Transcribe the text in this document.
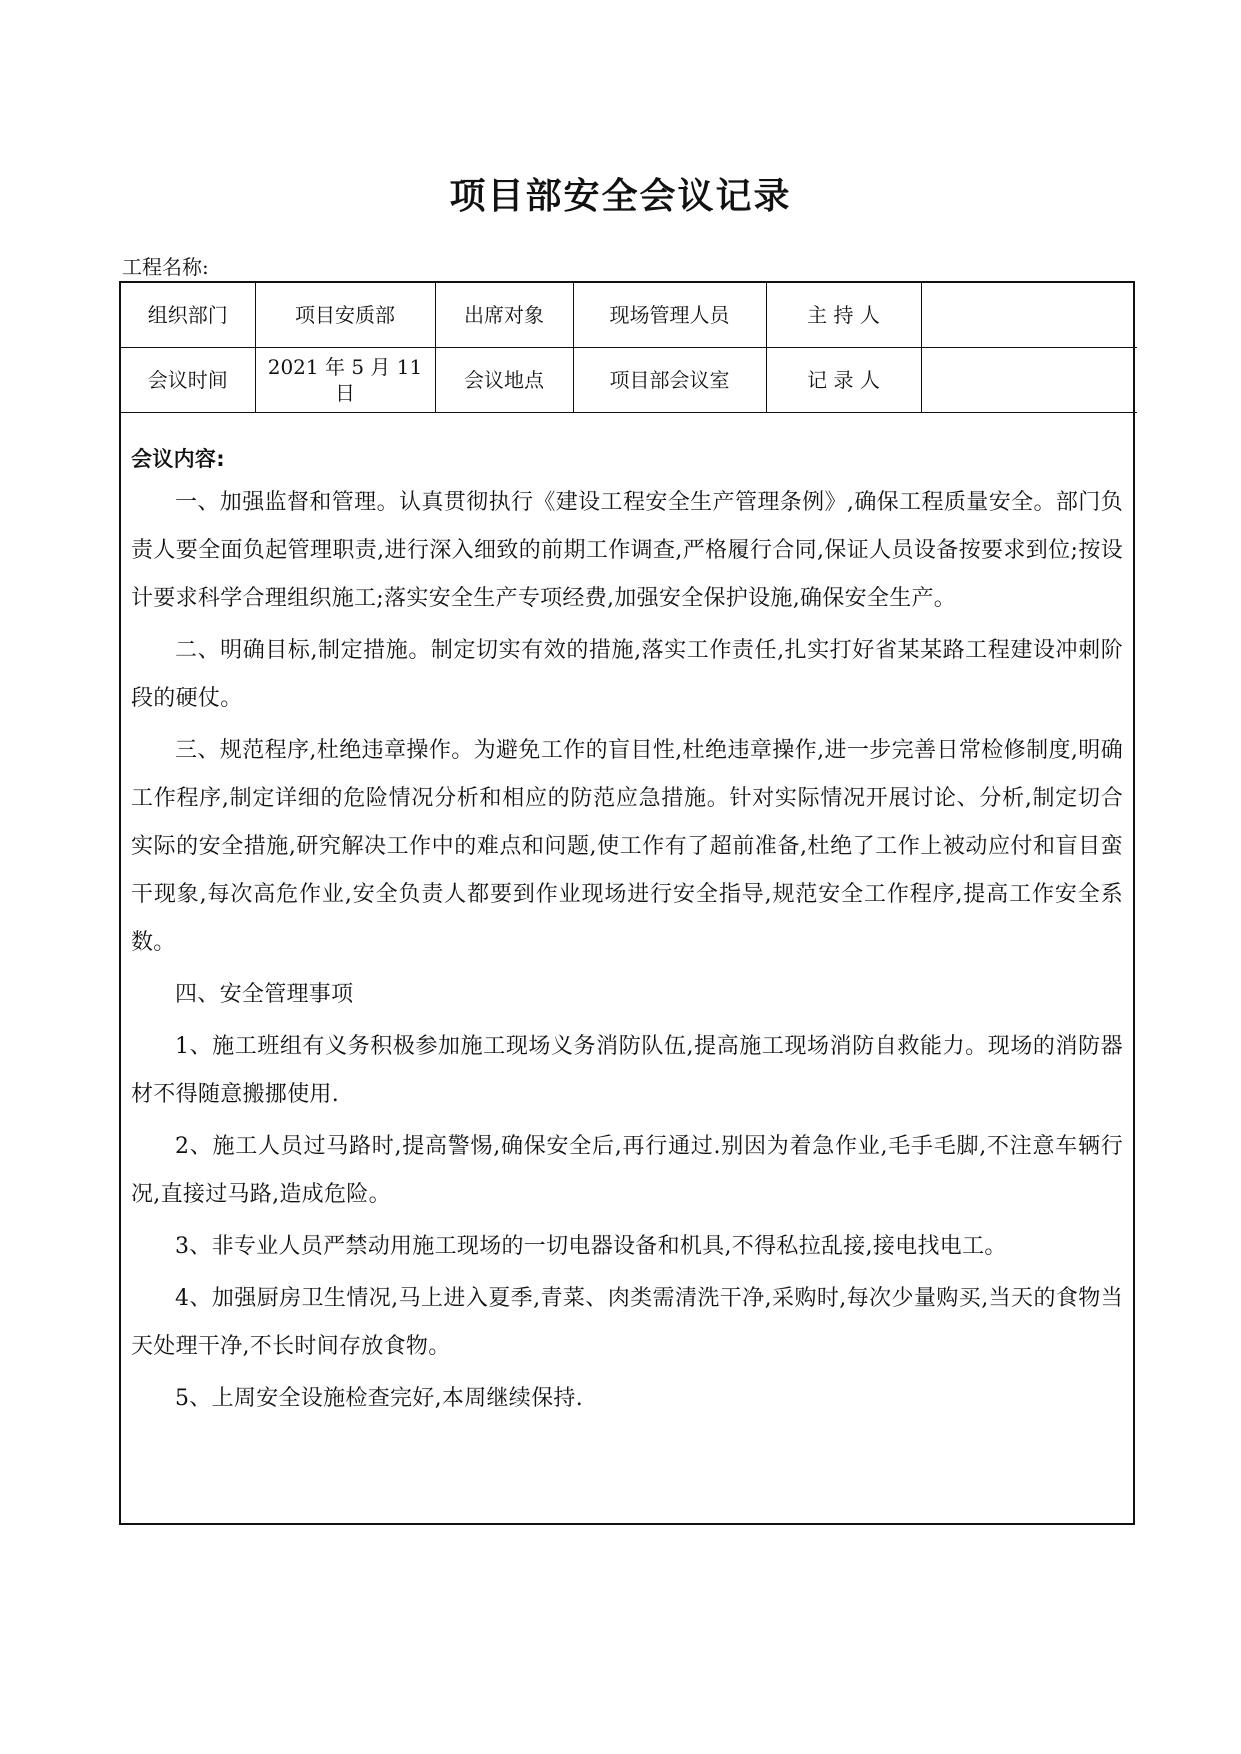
项目部安全会议记录
工程名称:
组织部门	项目安质部	出席对象	现场管理人员	主 持 人	
会议时间	2021 年 5 月 11 日	会议地点	项目部会议室	记 录 人	
会议内容:

一、加强监督和管理。认真贯彻执行《建设工程安全生产管理条例》,确保工程质量安全。部门负责人要全面负起管理职责,进行深入细致的前期工作调查,严格履行合同,保证人员设备按要求到位;按设计要求科学合理组织施工;落实安全生产专项经费,加强安全保护设施,确保安全生产。

二、明确目标,制定措施。制定切实有效的措施,落实工作责任,扎实打好省某某路工程建设冲刺阶段的硬仗。

三、规范程序,杜绝违章操作。为避免工作的盲目性,杜绝违章操作,进一步完善日常检修制度,明确工作程序,制定详细的危险情况分析和相应的防范应急措施。针对实际情况开展讨论、分析,制定切合实际的安全措施,研究解决工作中的难点和问题,使工作有了超前准备,杜绝了工作上被动应付和盲目蛮干现象,每次高危作业,安全负责人都要到作业现场进行安全指导,规范安全工作程序,提高工作安全系数。

四、安全管理事项

1、施工班组有义务积极参加施工现场义务消防队伍,提高施工现场消防自救能力。现场的消防器材不得随意搬挪使用.

2、施工人员过马路时,提高警惕,确保安全后,再行通过.别因为着急作业,毛手毛脚,不注意车辆行况,直接过马路,造成危险。

3、非专业人员严禁动用施工现场的一切电器设备和机具,不得私拉乱接,接电找电工。

4、加强厨房卫生情况,马上进入夏季,青菜、肉类需清洗干净,采购时,每次少量购买,当天的食物当天处理干净,不长时间存放食物。

5、上周安全设施检查完好,本周继续保持.
